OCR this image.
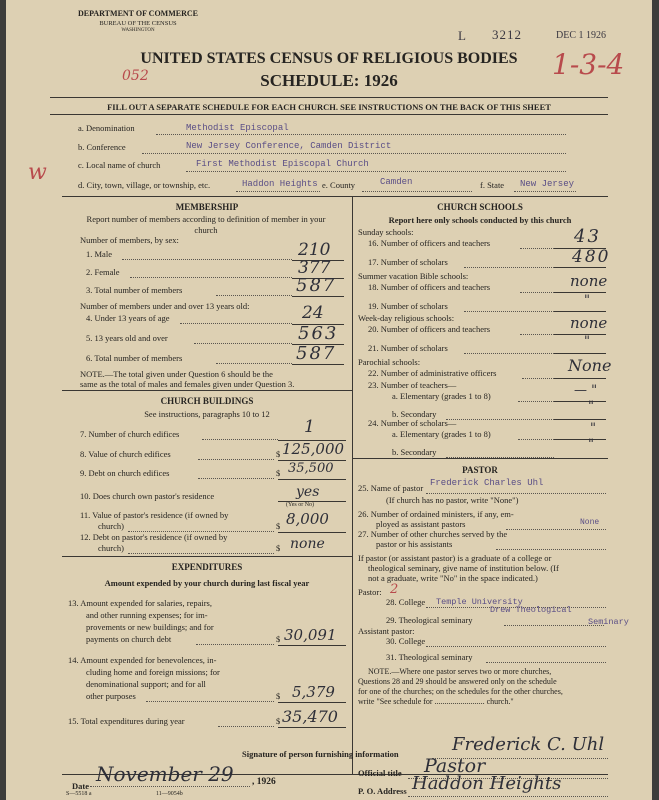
DEPARTMENT OF COMMERCE
BUREAU OF THE CENSUS
WASHINGTON	L 3212	DEC 1 1926
1-3-4
052
UNITED STATES CENSUS OF RELIGIOUS BODIES
SCHEDULE: 1926
FILL OUT A SEPARATE SCHEDULE FOR EACH CHURCH. SEE INSTRUCTIONS ON THE BACK OF THIS SHEET
w
a. Denomination	Methodist Episcopal
b. Conference	New Jersey Conference, Camden District
c. Local name of church	First Methodist Episcopal Church
d. City, town, village, or township, etc.	Haddon Heights e. County	Camden	f. State New Jersey
MEMBERSHIP
Report number of members according to definition of member in your church
Number of members, by sex:
1. Male	210
2. Female	377
3. Total number of members	587
Number of members under and over 13 years old:
4. Under 13 years of age	24
5. 13 years old and over	563
6. Total number of members	587
NOTE.—The total given under Question 6 should be the
same as the total of males and females given under Question 3.
CHURCH BUILDINGS
See instructions, paragraphs 10 to 12
7. Number of church edifices	1
8. Value of church edifices	$ 125,000
9. Debt on church edifices	$ 35,500
10. Does church own pastor's residence	yes
(Yes or No)
11. Value of pastor's residence (if owned by
church)	$ 8,000
12. Debt on pastor's residence (if owned by
church)	$ none
EXPENDITURES
Amount expended by your church during last fiscal year
13. Amount expended for salaries, repairs,
and other running expenses; for im-
provements or new buildings; and for
payments on church debt	$ 30,091
14. Amount expended for benevolences, in-
cluding home and foreign missions; for
denominational support; and for all
other purposes	$ 5,379
15. Total expenditures during year	$ 35,470
CHURCH SCHOOLS
Report here only schools conducted by this church
Sunday schools:
16. Number of officers and teachers	43
17. Number of scholars	480
Summer vacation Bible schools:
18. Number of officers and teachers	none
19. Number of scholars	"
Week-day religious schools:
20. Number of officers and teachers	none
21. Number of scholars	"
Parochial schools:
22. Number of administrative officers	None
23. Number of teachers—
a. Elementary (grades 1 to 8)	— "
b. Secondary	"
24. Number of scholars—
a. Elementary (grades 1 to 8)	"
b. Secondary	"
PASTOR
25. Name of pastor Frederick Charles Uhl
(If church has no pastor, write "None")
26. Number of ordained ministers, if any, em-
ployed as assistant pastors	None
27. Number of other churches served by the
pastor or his assistants
If pastor (or assistant pastor) is a graduate of a college or
theological seminary, give name of institution below. (If
not a graduate, write "No" in the space indicated.)
Pastor: 2
28. College Temple University
29. Theological seminary
Drew Theological
Seminary
Assistant pastor:
30. College
31. Theological seminary
NOTE.—Where one pastor serves two or more churches,
Questions 28 and 29 should be answered only on the schedule
for one of the churches; on the schedules for the other churches,
write "See schedule for ......................... church."
Signature of person furnishing information	Frederick C. Uhl
Official title Pastor
Date November 29 , 1926
P. O. Address Haddon Heights
S—5518 a	11—9054b
